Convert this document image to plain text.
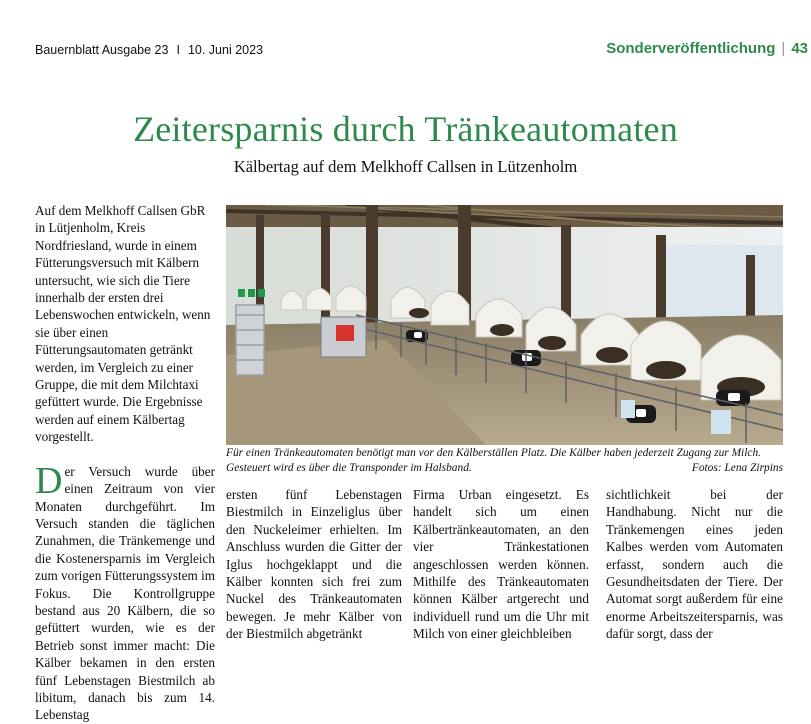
Bauernblatt Ausgabe 23 I 10. Juni 2023	Sonderveröffentlichung | 43
Zeitersparnis durch Tränkeautomaten
Kälbertag auf dem Melkhoff Callsen in Lützenholm

Auf dem Melkhoff Callsen GbR in Lütjenholm, Kreis Nordfriesland, wurde in einem Fütterungsversuch mit Kälbern untersucht, wie sich die Tiere innerhalb der ersten drei Lebenswochen entwickeln, wenn sie über einen Fütterungsautomaten getränkt werden, im Vergleich zu einer Gruppe, die mit dem Milchtaxi gefüttert wurde. Die Ergebnisse werden auf einem Kälbertag vorgestellt.

Der Versuch wurde über einen Zeitraum von vier Monaten durchgeführt. Im Versuch standen die täglichen Zunahmen, die Tränkemenge und die Kostenersparnis im Vergleich zum vorigen Fütterungssystem im Fokus. Die Kontrollgruppe bestand aus 20 Kälbern, die so gefüttert wurden, wie es der Betrieb sonst immer macht: Die Kälber bekamen in den ersten fünf Lebenstagen Biestmilch ab libitum, danach bis zum 14. Lebenstag
Für einen Tränkeautomaten benötigt man vor den Kälberställen Platz. Die Kälber haben jederzeit Zugang zur Milch. Gesteuert wird es über die Transponder im Halsband.	Fotos: Lena Zirpins

ersten fünf Lebenstagen Biestmilch in Einzeliglus über den Nuckeleimer erhielten. Im Anschluss wurden die Gitter der Iglus hochgeklappt und die Kälber konnten sich frei zum Nuckel des Tränkeautomaten bewegen. Je mehr Kälber von der Biestmilch abgetränkt

Firma Urban eingesetzt. Es handelt sich um einen Kälbertränkeautomaten, an den vier Tränkestationen angeschlossen werden können. Mithilfe des Tränkeautomaten können Kälber artgerecht und individuell rund um die Uhr mit Milch von einer gleichbleiben

sichtlichkeit bei der Handhabung. Nicht nur die Tränkemengen eines jeden Kalbes werden vom Automaten erfasst, sondern auch die Gesundheitsdaten der Tiere. Der Automat sorgt außerdem für eine enorme Arbeitszeitersparnis, was dafür sorgt, dass der
